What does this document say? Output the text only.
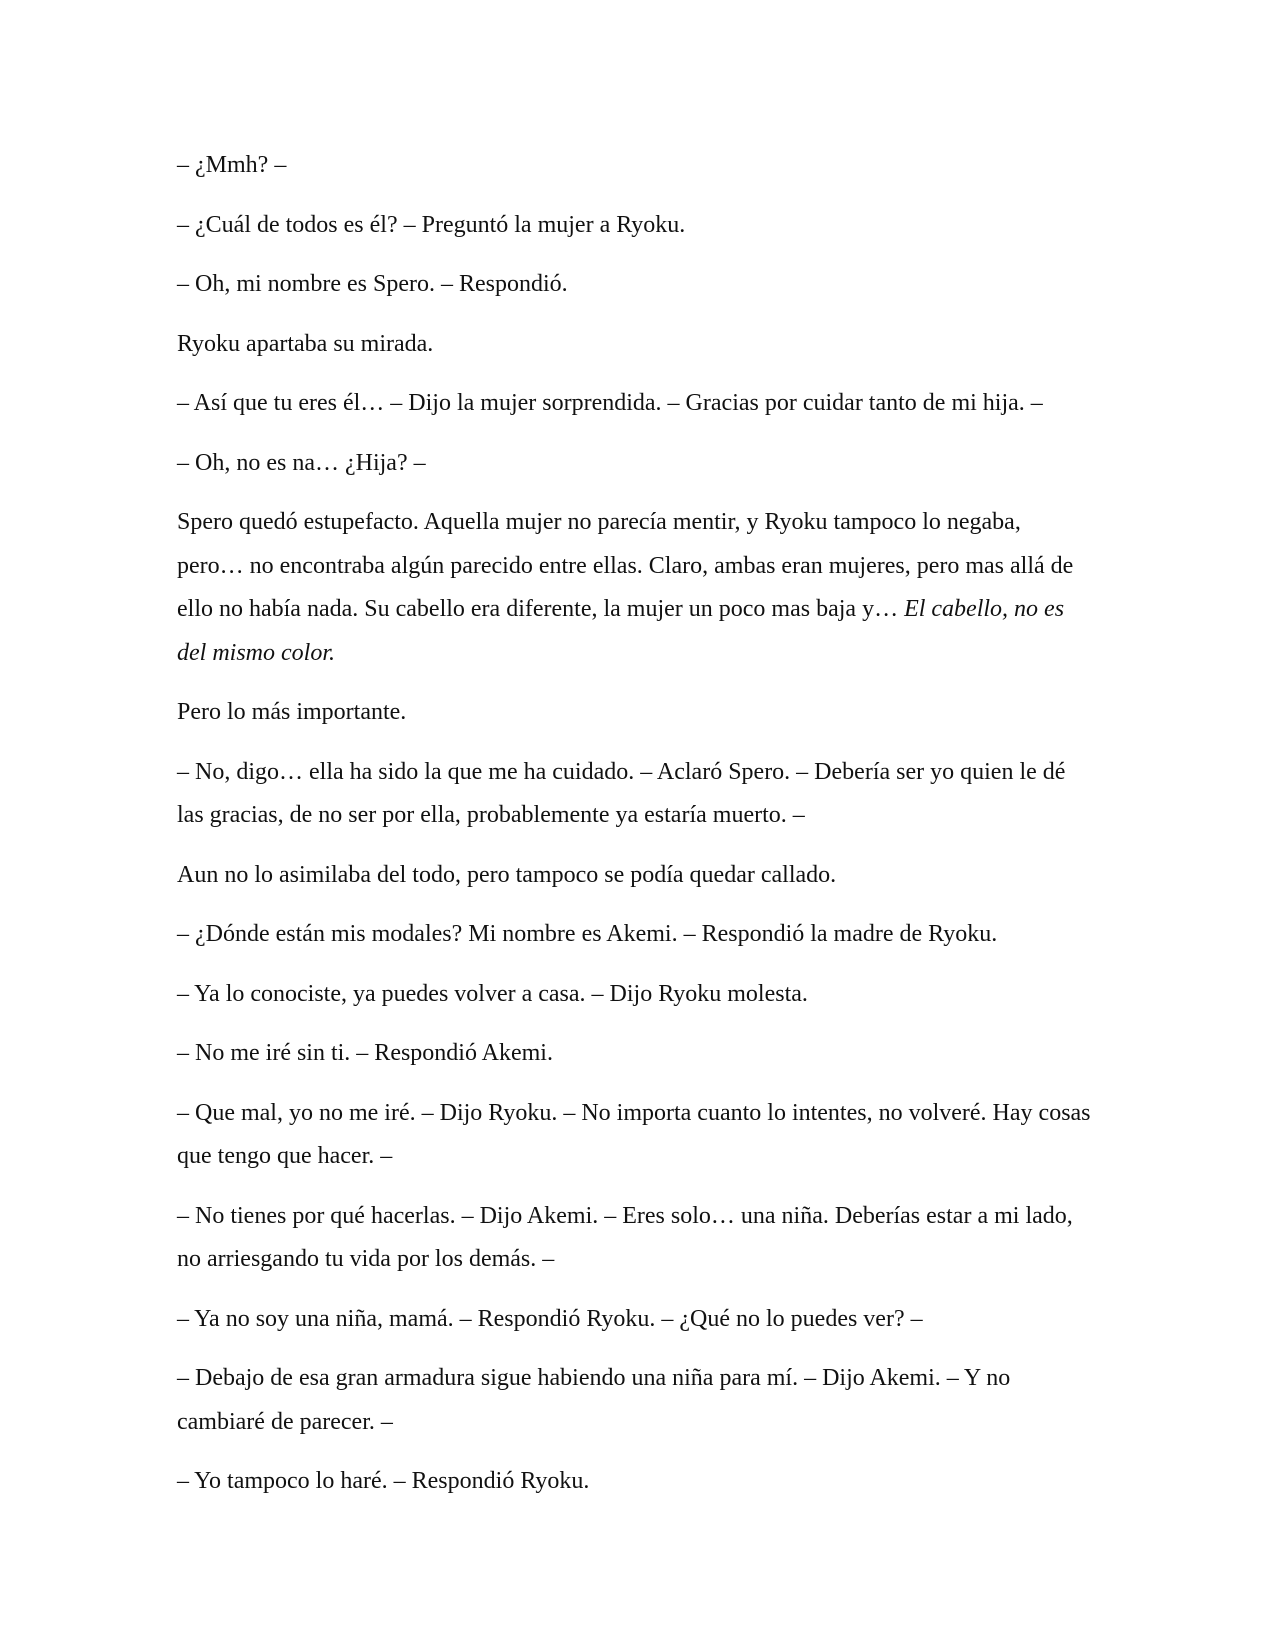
– ¿Mmh? –

– ¿Cuál de todos es él? – Preguntó la mujer a Ryoku.

– Oh, mi nombre es Spero. – Respondió.

Ryoku apartaba su mirada.

– Así que tu eres él… – Dijo la mujer sorprendida. – Gracias por cuidar tanto de mi hija. –

– Oh, no es na… ¿Hija? –

Spero quedó estupefacto. Aquella mujer no parecía mentir, y Ryoku tampoco lo negaba, pero… no encontraba algún parecido entre ellas. Claro, ambas eran mujeres, pero mas allá de ello no había nada. Su cabello era diferente, la mujer un poco mas baja y… El cabello, no es del mismo color.

Pero lo más importante.

– No, digo… ella ha sido la que me ha cuidado. – Aclaró Spero. – Debería ser yo quien le dé las gracias, de no ser por ella, probablemente ya estaría muerto. –

Aun no lo asimilaba del todo, pero tampoco se podía quedar callado.

– ¿Dónde están mis modales? Mi nombre es Akemi. – Respondió la madre de Ryoku.

– Ya lo conociste, ya puedes volver a casa. – Dijo Ryoku molesta.

– No me iré sin ti. – Respondió Akemi.

– Que mal, yo no me iré. – Dijo Ryoku. – No importa cuanto lo intentes, no volveré. Hay cosas que tengo que hacer. –

– No tienes por qué hacerlas. – Dijo Akemi. – Eres solo… una niña. Deberías estar a mi lado, no arriesgando tu vida por los demás. –

– Ya no soy una niña, mamá. – Respondió Ryoku. – ¿Qué no lo puedes ver? –

– Debajo de esa gran armadura sigue habiendo una niña para mí. – Dijo Akemi. – Y no cambiaré de parecer. –

– Yo tampoco lo haré. – Respondió Ryoku.
